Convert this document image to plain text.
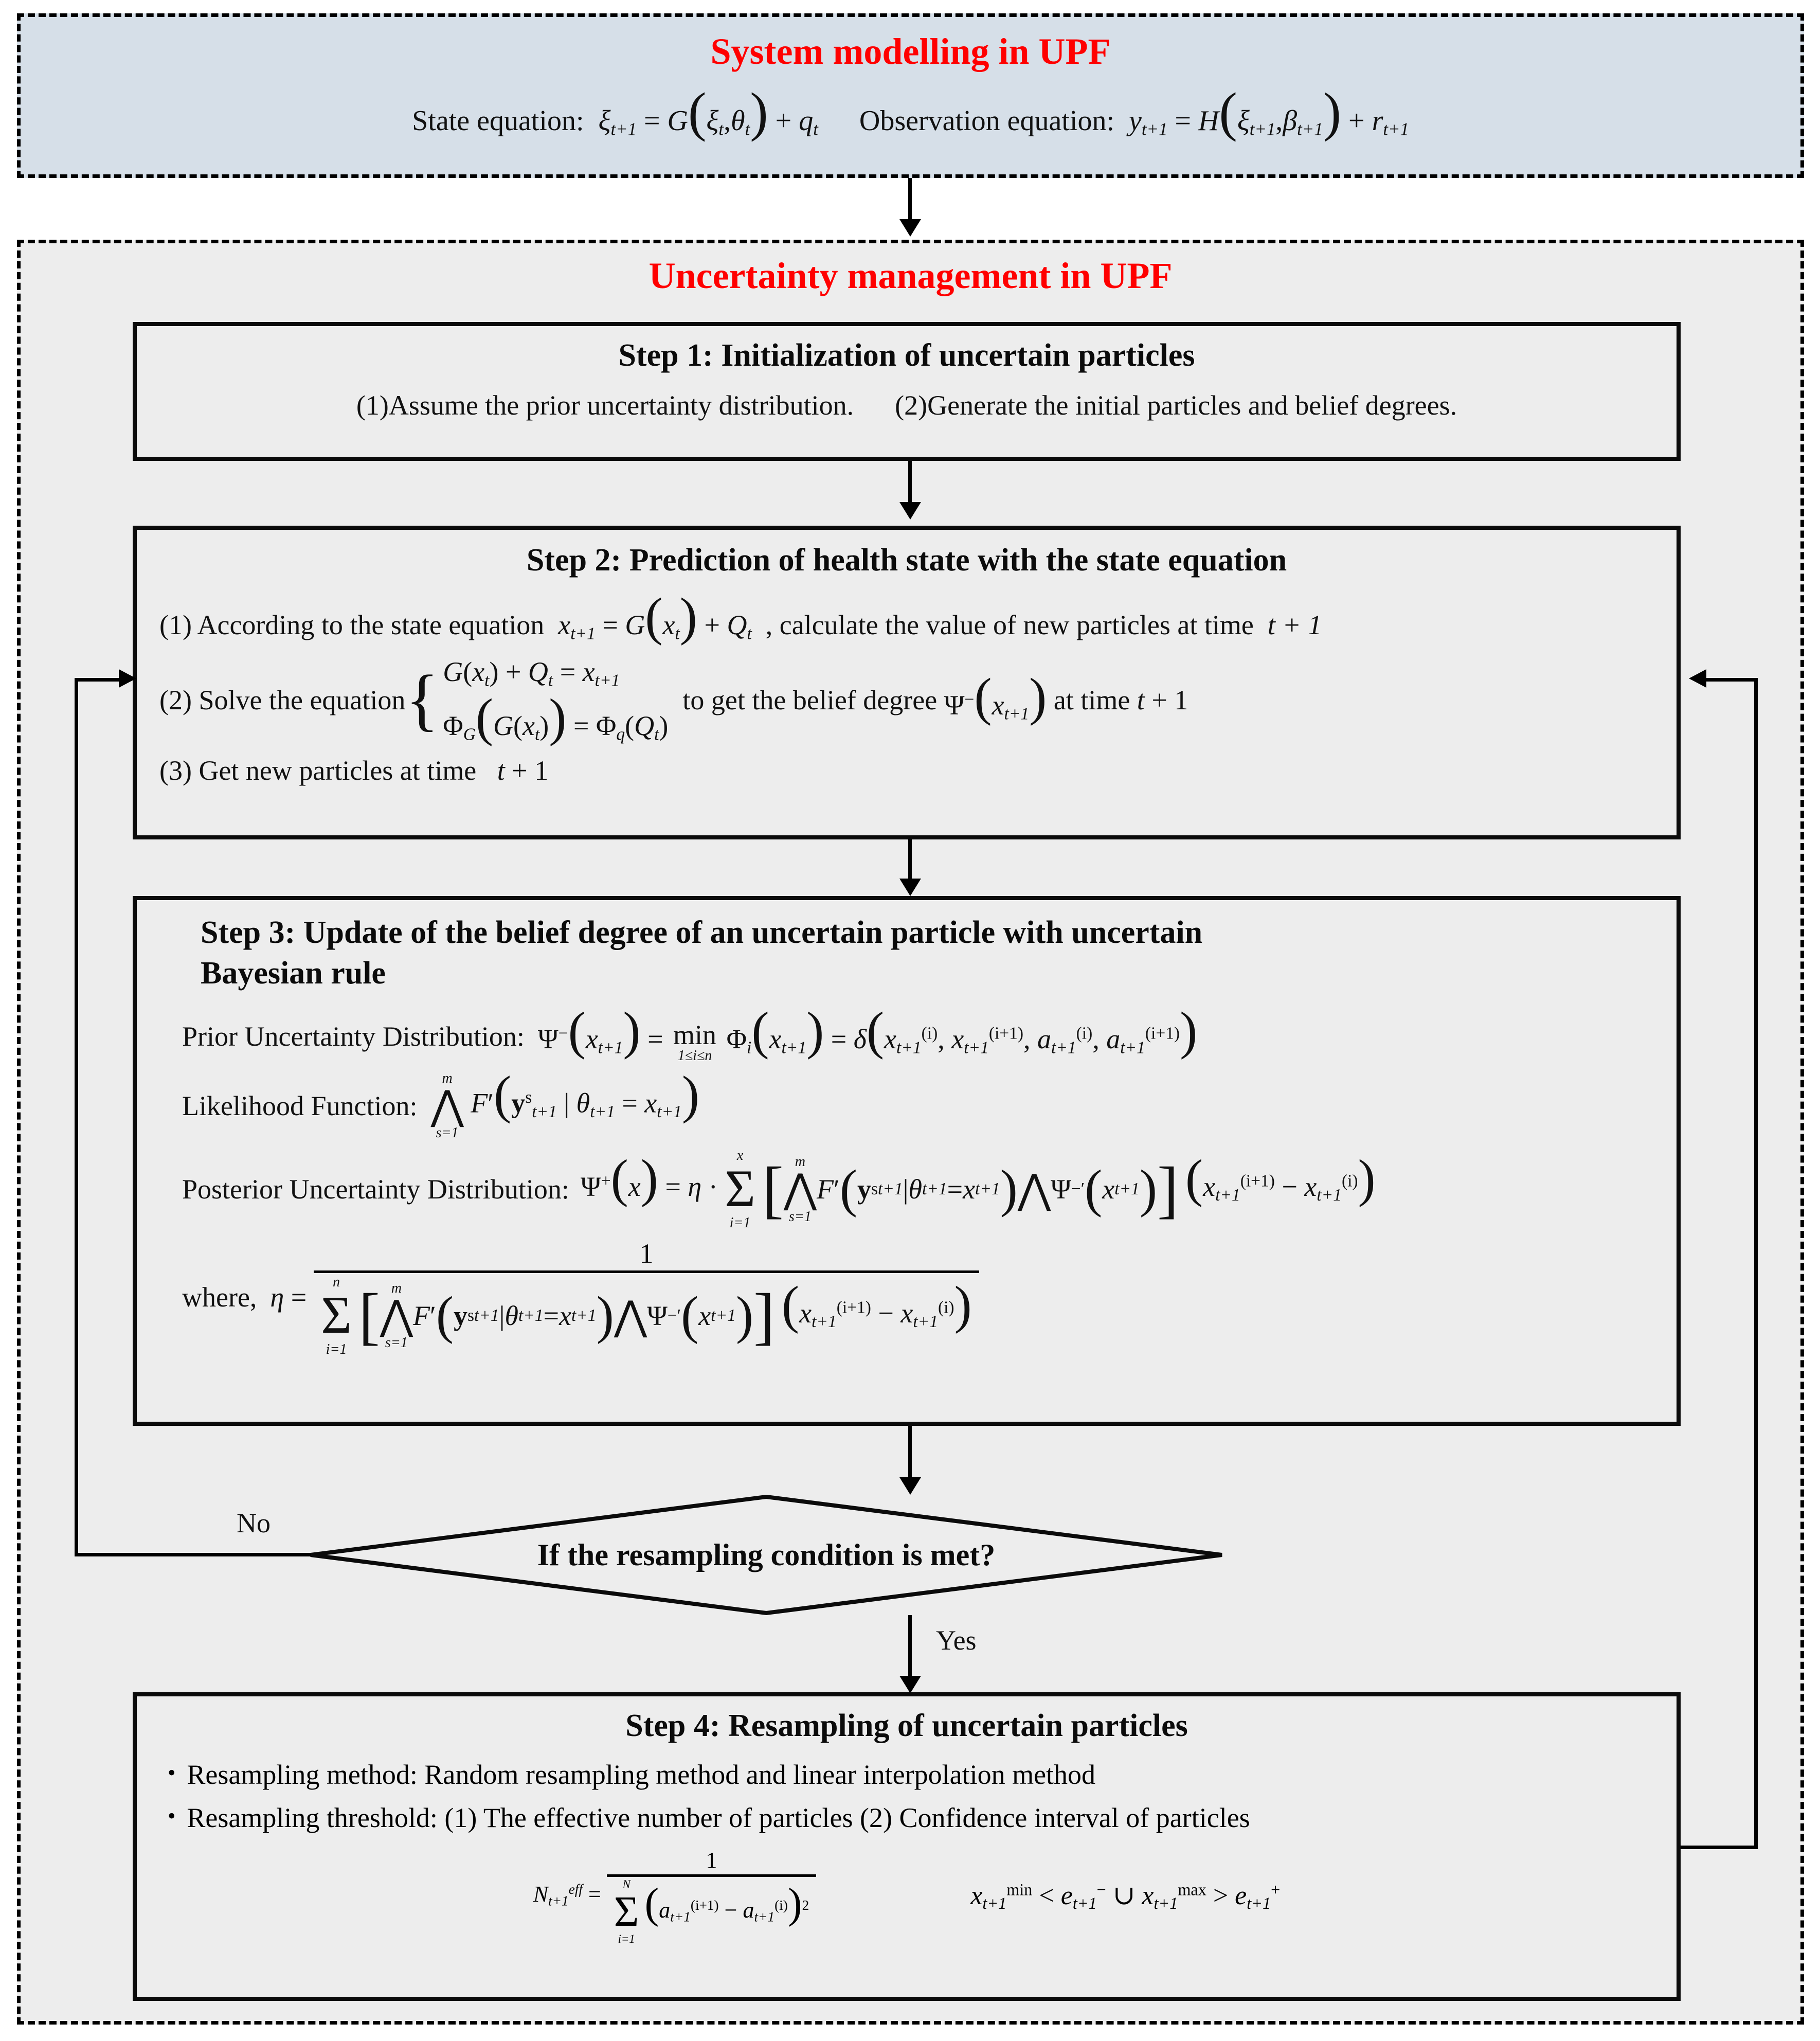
System modelling in UPF
State equation: $\xi_{t+1} = G(\xi_t,\theta_t) + q_t$ Observation equation: $y_{t+1} = H(\xi_{t+1},\beta_{t+1}) + r_{t+1}$
Uncertainty management in UPF
Step 1: Initialization of uncertain particles
(1)Assume the prior uncertainty distribution. (2)Generate the initial particles and belief degrees.
Step 2: Prediction of health state with the state equation
(1) According to the state equation $x_{t+1} = G(x_t) + Q_t$ , calculate the value of new particles at time t + 1
(2) Solve the equation { $G(x_t) + Q_t = x_{t+1}$
$\Phi_G(G(x_t)) = \Phi_q(Q_t)$
to get the belief degree $\Psi^-(x_{t+1})$ at time t + 1
(3) Get new particles at time t + 1
Step 3: Update of the belief degree of an uncertain particle with uncertain
Bayesian rule
Prior Uncertainty Distribution: $\Psi^-(x_{t+1}) = \min$
1≤i≤n
$\Phi_i(x_{t+1}) = \delta(x_{t+1}^{(i)}$, $x_{t+1}^{(i+1)}$, $a_{t+1}^{(i)}$, $a_{t+1}^{(i+1)}$)
Likelihood Function:
m
⋀
s=1
$F'(y^s_{t+1}$ | $\theta_{t+1} = x_{t+1}$)
Posterior Uncertainty Distribution: Ψ+(x) = η ·
x
Σ
i=1
[ m
⋀
s=1
F ′ ( y s t+1 | θ t+1 = x t+1 ) ⋀ Ψ −′ ( x t+1 ) ] $(x_{t+1}^{(i+1)} - x_{t+1}^{(i)})$
where, η =
1
n
Σ
i=1
[ m
⋀
s=1
F ′ ( y s t+1 | θ t+1 = x t+1 ) ⋀ Ψ −′ ( x t+1 ) ] $(x_{t+1}^{(i+1)} - x_{t+1}^{(i)})$
If the resampling condition is met?
No
Yes
Step 4: Resampling of uncertain particles
• Resampling method: Random resampling method and linear interpolation method
• Resampling threshold: (1) The effective number of particles (2) Confidence interval of particles
$N_{t+1}^{eff} = 1$
N
Σ
i=1
$(a_{t+1}^{(i+1)} - a_{t+1}^{(i)})^2$	$x_{t+1}^{min} < e_{t+1}^-$ ∪ $x_{t+1}^{max} > e_{t+1}^+$
